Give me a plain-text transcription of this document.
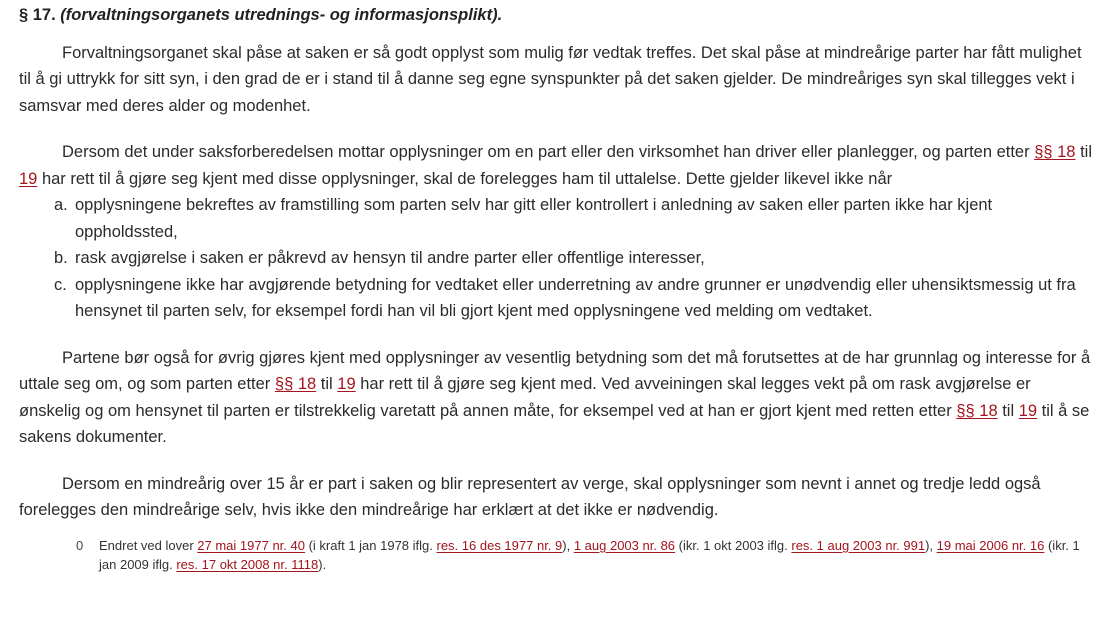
§ 17. (forvaltningsorganets utrednings- og informasjonsplikt).

Forvaltningsorganet skal påse at saken er så godt opplyst som mulig før vedtak treffes. Det skal påse at mindreårige parter har fått mulighet til å gi uttrykk for sitt syn, i den grad de er i stand til å danne seg egne synspunkter på det saken gjelder. De mindreåriges syn skal tillegges vekt i samsvar med deres alder og modenhet.

Dersom det under saksforberedelsen mottar opplysninger om en part eller den virksomhet han driver eller planlegger, og parten etter §§ 18 til 19 har rett til å gjøre seg kjent med disse opplysninger, skal de forelegges ham til uttalelse. Dette gjelder likevel ikke når

a. opplysningene bekreftes av framstilling som parten selv har gitt eller kontrollert i anledning av saken eller parten ikke har kjent oppholdssted,
b. rask avgjørelse i saken er påkrevd av hensyn til andre parter eller offentlige interesser,
c. opplysningene ikke har avgjørende betydning for vedtaket eller underretning av andre grunner er unødvendig eller uhensiktsmessig ut fra hensynet til parten selv, for eksempel fordi han vil bli gjort kjent med opplysningene ved melding om vedtaket.

Partene bør også for øvrig gjøres kjent med opplysninger av vesentlig betydning som det må forutsettes at de har grunnlag og interesse for å uttale seg om, og som parten etter §§ 18 til 19 har rett til å gjøre seg kjent med. Ved avveiningen skal legges vekt på om rask avgjørelse er ønskelig og om hensynet til parten er tilstrekkelig varetatt på annen måte, for eksempel ved at han er gjort kjent med retten etter §§ 18 til 19 til å se sakens dokumenter.

Dersom en mindreårig over 15 år er part i saken og blir representert av verge, skal opplysninger som nevnt i annet og tredje ledd også forelegges den mindreårige selv, hvis ikke den mindreårige har erklært at det ikke er nødvendig.

0	Endret ved lover 27 mai 1977 nr. 40 (i kraft 1 jan 1978 iflg. res. 16 des 1977 nr. 9), 1 aug 2003 nr. 86 (ikr. 1 okt 2003 iflg. res. 1 aug 2003 nr. 991), 19 mai 2006 nr. 16 (ikr. 1 jan 2009 iflg. res. 17 okt 2008 nr. 1118).
